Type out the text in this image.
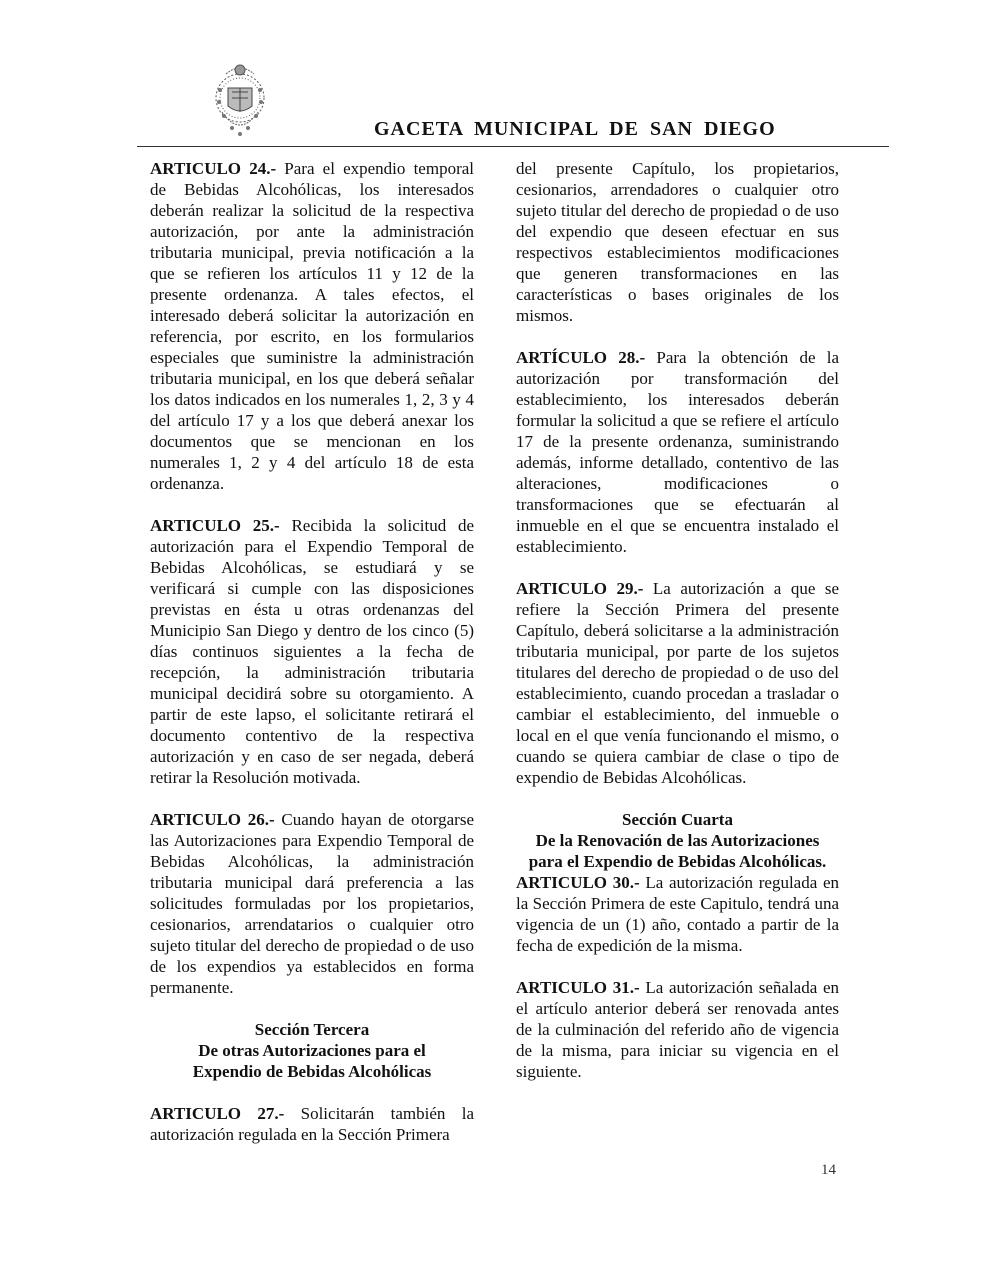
GACETA MUNICIPAL DE SAN DIEGO

ARTICULO 24.- Para el expendio temporal de Bebidas Alcohólicas, los interesados deberán realizar la solicitud de la respectiva autorización, por ante la administración tributaria municipal, previa notificación a la que se refieren los artículos 11 y 12 de la presente ordenanza. A tales efectos, el interesado deberá solicitar la autorización en referencia, por escrito, en los formularios especiales que suministre la administración tributaria municipal, en los que deberá señalar los datos indicados en los numerales 1, 2, 3 y 4 del artículo 17 y a los que deberá anexar los documentos que se mencionan en los numerales 1, 2 y 4 del artículo 18 de esta ordenanza.

ARTICULO 25.- Recibida la solicitud de autorización para el Expendio Temporal de Bebidas Alcohólicas, se estudiará y se verificará si cumple con las disposiciones previstas en ésta u otras ordenanzas del Municipio San Diego y dentro de los cinco (5) días continuos siguientes a la fecha de recepción, la administración tributaria municipal decidirá sobre su otorgamiento. A partir de este lapso, el solicitante retirará el documento contentivo de la respectiva autorización y en caso de ser negada, deberá retirar la Resolución motivada.

ARTICULO 26.- Cuando hayan de otorgarse las Autorizaciones para Expendio Temporal de Bebidas Alcohólicas, la administración tributaria municipal dará preferencia a las solicitudes formuladas por los propietarios, cesionarios, arrendatarios o cualquier otro sujeto titular del derecho de propiedad o de uso de los expendios ya establecidos en forma permanente.

Sección Tercera
De otras Autorizaciones para el
Expendio de Bebidas Alcohólicas

ARTICULO 27.- Solicitarán también la autorización regulada en la Sección Primera

del presente Capítulo, los propietarios, cesionarios, arrendadores o cualquier otro sujeto titular del derecho de propiedad o de uso del expendio que deseen efectuar en sus respectivos establecimientos modificaciones que generen transformaciones en las características o bases originales de los mismos.

ARTÍCULO 28.- Para la obtención de la autorización por transformación del establecimiento, los interesados deberán formular la solicitud a que se refiere el artículo 17 de la presente ordenanza, suministrando además, informe detallado, contentivo de las alteraciones, modificaciones o transformaciones que se efectuarán al inmueble en el que se encuentra instalado el establecimiento.

ARTICULO 29.- La autorización a que se refiere la Sección Primera del presente Capítulo, deberá solicitarse a la administración tributaria municipal, por parte de los sujetos titulares del derecho de propiedad o de uso del establecimiento, cuando procedan a trasladar o cambiar el establecimiento, del inmueble o local en el que venía funcionando el mismo, o cuando se quiera cambiar de clase o tipo de expendio de Bebidas Alcohólicas.

Sección Cuarta
De la Renovación de las Autorizaciones
para el Expendio de Bebidas Alcohólicas.

ARTICULO 30.- La autorización regulada en la Sección Primera de este Capitulo, tendrá una vigencia de un (1) año, contado a partir de la fecha de expedición de la misma.

ARTICULO 31.- La autorización señalada en el artículo anterior deberá ser renovada antes de la culminación del referido año de vigencia de la misma, para iniciar su vigencia en el siguiente.

14
